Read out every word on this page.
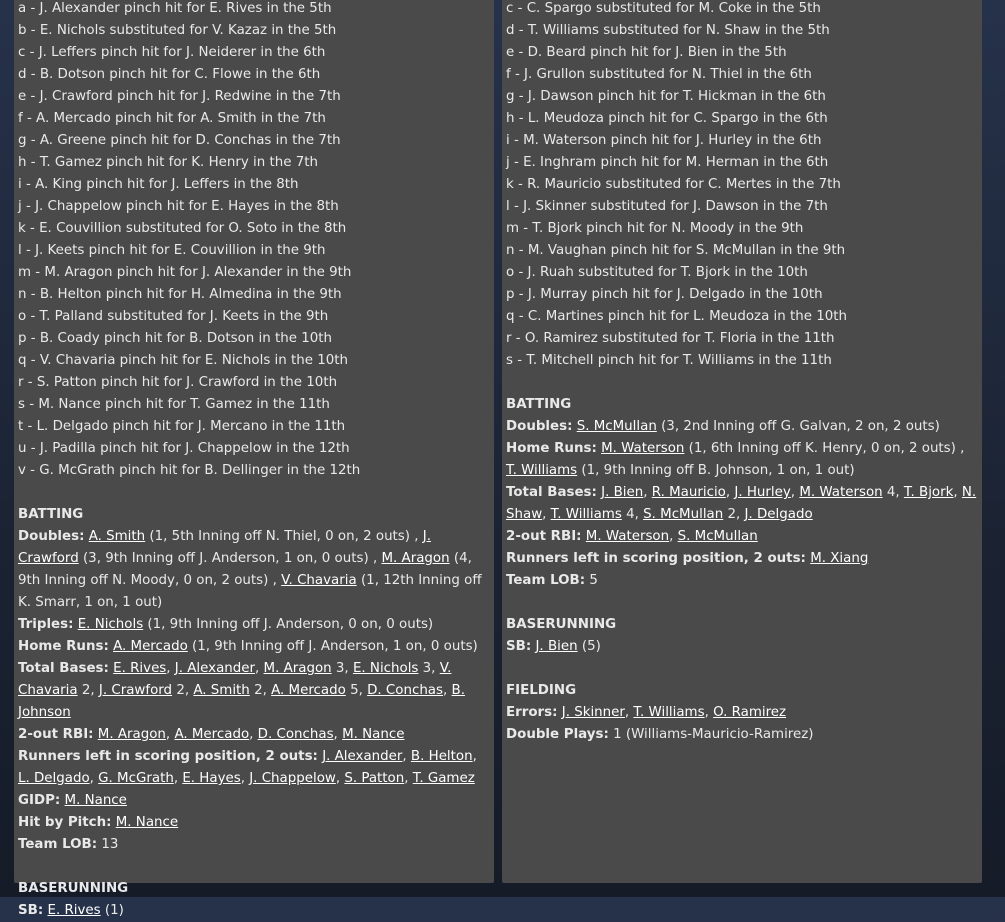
a - J. Alexander pinch hit for E. Rives in the 5th
b - E. Nichols substituted for V. Kazaz in the 5th
c - J. Leffers pinch hit for J. Neiderer in the 6th
d - B. Dotson pinch hit for C. Flowe in the 6th
e - J. Crawford pinch hit for J. Redwine in the 7th
f - A. Mercado pinch hit for A. Smith in the 7th
g - A. Greene pinch hit for D. Conchas in the 7th
h - T. Gamez pinch hit for K. Henry in the 7th
i - A. King pinch hit for J. Leffers in the 8th
j - J. Chappelow pinch hit for E. Hayes in the 8th
k - E. Couvillion substituted for O. Soto in the 8th
l - J. Keets pinch hit for E. Couvillion in the 9th
m - M. Aragon pinch hit for J. Alexander in the 9th
n - B. Helton pinch hit for H. Almedina in the 9th
o - T. Palland substituted for J. Keets in the 9th
p - B. Coady pinch hit for B. Dotson in the 10th
q - V. Chavaria pinch hit for E. Nichols in the 10th
r - S. Patton pinch hit for J. Crawford in the 10th
s - M. Nance pinch hit for T. Gamez in the 11th
t - L. Delgado pinch hit for J. Mercano in the 11th
u - J. Padilla pinch hit for J. Chappelow in the 12th
v - G. McGrath pinch hit for B. Dellinger in the 12th
BATTING
Doubles: A. Smith (1, 5th Inning off N. Thiel, 0 on, 2 outs) , J. Crawford (3, 9th Inning off J. Anderson, 1 on, 0 outs) , M. Aragon (4, 9th Inning off N. Moody, 0 on, 2 outs) , V. Chavaria (1, 12th Inning off K. Smarr, 1 on, 1 out)
Triples: E. Nichols (1, 9th Inning off J. Anderson, 0 on, 0 outs)
Home Runs: A. Mercado (1, 9th Inning off J. Anderson, 1 on, 0 outs)
Total Bases: E. Rives, J. Alexander, M. Aragon 3, E. Nichols 3, V. Chavaria 2, J. Crawford 2, A. Smith 2, A. Mercado 5, D. Conchas, B. Johnson
2-out RBI: M. Aragon, A. Mercado, D. Conchas, M. Nance
Runners left in scoring position, 2 outs: J. Alexander, B. Helton, L. Delgado, G. McGrath, E. Hayes, J. Chappelow, S. Patton, T. Gamez
GIDP: M. Nance
Hit by Pitch: M. Nance
Team LOB: 13
BASERUNNING
SB: E. Rives (1)
c - C. Spargo substituted for M. Coke in the 5th
d - T. Williams substituted for N. Shaw in the 5th
e - D. Beard pinch hit for J. Bien in the 5th
f - J. Grullon substituted for N. Thiel in the 6th
g - J. Dawson pinch hit for T. Hickman in the 6th
h - L. Meudoza pinch hit for C. Spargo in the 6th
i - M. Waterson pinch hit for J. Hurley in the 6th
j - E. Inghram pinch hit for M. Herman in the 6th
k - R. Mauricio substituted for C. Mertes in the 7th
l - J. Skinner substituted for J. Dawson in the 7th
m - T. Bjork pinch hit for N. Moody in the 9th
n - M. Vaughan pinch hit for S. McMullan in the 9th
o - J. Ruah substituted for T. Bjork in the 10th
p - J. Murray pinch hit for J. Delgado in the 10th
q - C. Martines pinch hit for L. Meudoza in the 10th
r - O. Ramirez substituted for T. Floria in the 11th
s - T. Mitchell pinch hit for T. Williams in the 11th
BATTING
Doubles: S. McMullan (3, 2nd Inning off G. Galvan, 2 on, 2 outs)
Home Runs: M. Waterson (1, 6th Inning off K. Henry, 0 on, 2 outs) , T. Williams (1, 9th Inning off B. Johnson, 1 on, 1 out)
Total Bases: J. Bien, R. Mauricio, J. Hurley, M. Waterson 4, T. Bjork, N. Shaw, T. Williams 4, S. McMullan 2, J. Delgado
2-out RBI: M. Waterson, S. McMullan
Runners left in scoring position, 2 outs: M. Xiang
Team LOB: 5
BASERUNNING
SB: J. Bien (5)
FIELDING
Errors: J. Skinner, T. Williams, O. Ramirez
Double Plays: 1 (Williams-Mauricio-Ramirez)
